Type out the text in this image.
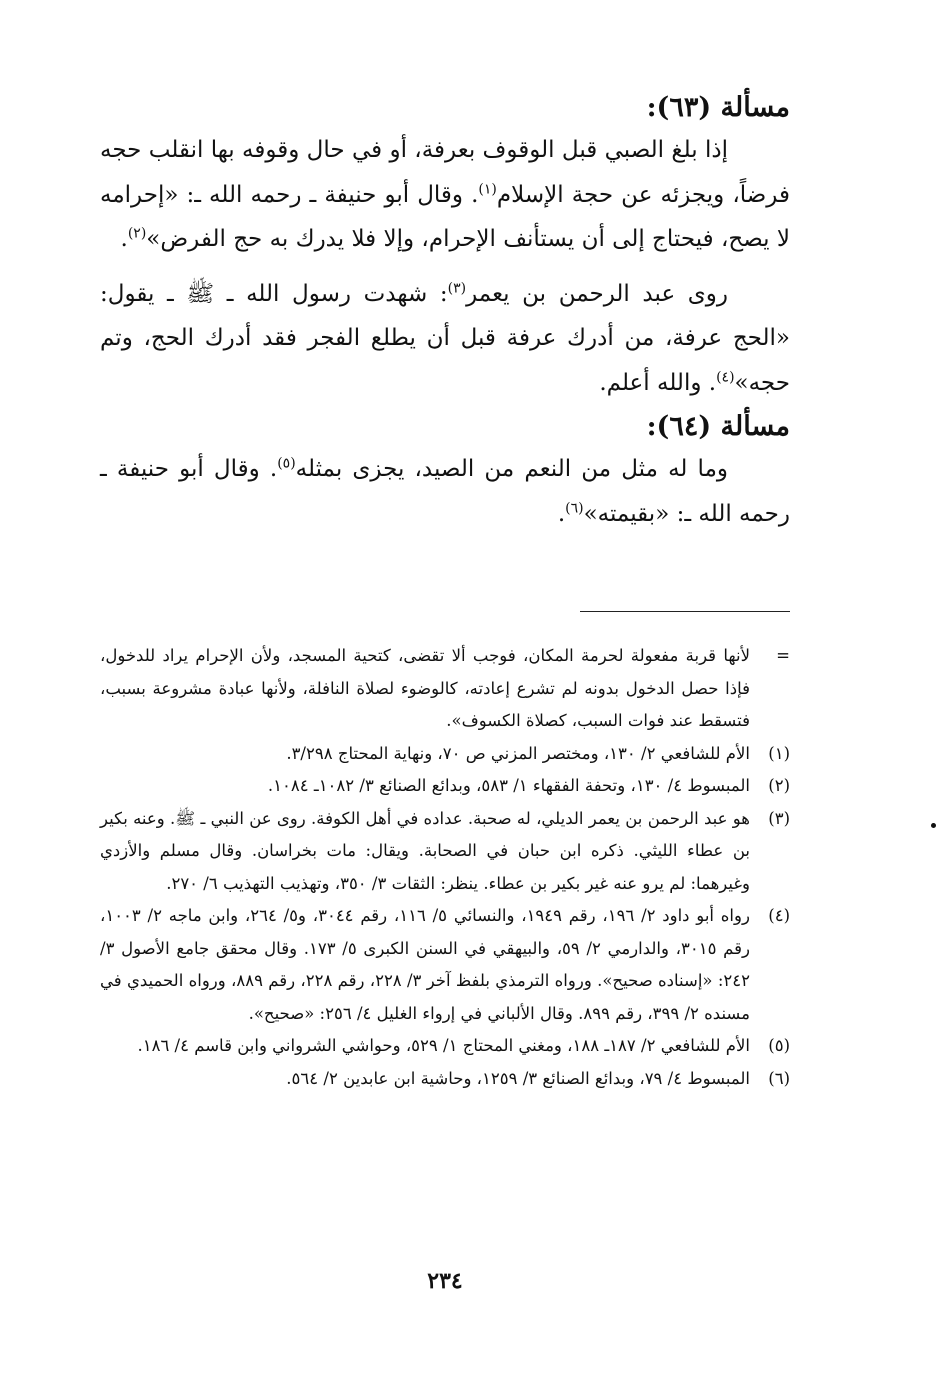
مسألة (٦٣):

إذا بلغ الصبي قبل الوقوف بعرفة، أو في حال وقوفه بها انقلب حجه فرضاً، ويجزئه عن حجة الإسلام$^{(١)}$. وقال أبو حنيفة ـ رحمه الله ـ: «إحرامه لا يصح، فيحتاج إلى أن يستأنف الإحرام، وإلا فلا يدرك به حج الفرض»$^{(٢)}$.

روى عبد الرحمن بن يعمر$^{(٣)}$: شهدت رسول الله ـ ﷺ ـ يقول: «الحج عرفة، من أدرك عرفة قبل أن يطلع الفجر فقد أدرك الحج، وتم حجه»$^{(٤)}$. والله أعلم.

مسألة (٦٤):

وما له مثل من النعم من الصيد، يجزى بمثله$^{(٥)}$. وقال أبو حنيفة ـ رحمه الله ـ: «بقيمته»$^{(٦)}$.

=
لأنها قربة مفعولة لحرمة المكان، فوجب ألا تقضى، كتحية المسجد، ولأن الإحرام يراد للدخول، فإذا حصل الدخول بدونه لم تشرع إعادته، كالوضوء لصلاة النافلة، ولأنها عبادة مشروعة بسبب، فتسقط عند فوات السبب، كصلاة الكسوف».
(١)
الأم للشافعي ٢/ ١٣٠، ومختصر المزني ص ٧٠، ونهاية المحتاج ٣/٢٩٨.
(٢)
المبسوط ٤/ ١٣٠، وتحفة الفقهاء ١/ ٥٨٣، وبدائع الصنائع ٣/ ١٠٨٢ـ ١٠٨٤.
(٣)
هو عبد الرحمن بن يعمر الديلي، له صحبة. عداده في أهل الكوفة. روى عن النبي ـ ﷺ. وعنه بكير بن عطاء الليثي. ذكره ابن حبان في الصحابة. ويقال: مات بخراسان. وقال مسلم والأزدي وغيرهما: لم يرو عنه غير بكير بن عطاء. ينظر: الثقات ٣/ ٣٥٠، وتهذيب التهذيب ٦/ ٢٧٠.
(٤)
رواه أبو داود ٢/ ١٩٦، رقم ١٩٤٩، والنسائي ٥/ ١١٦، رقم ٣٠٤٤، و٥/ ٢٦٤، وابن ماجه ٢/ ١٠٠٣، رقم ٣٠١٥، والدارمي ٢/ ٥٩، والبيهقي في السنن الكبرى ٥/ ١٧٣. وقال محقق جامع الأصول ٣/ ٢٤٢: «إسناده صحيح». ورواه الترمذي بلفظ آخر ٣/ ٢٢٨، رقم ٢٢٨، رقم ٨٨٩، ورواه الحميدي في مسنده ٢/ ٣٩٩، رقم ٨٩٩. وقال الألباني في إرواء الغليل ٤/ ٢٥٦: «صحيح».
(٥)
الأم للشافعي ٢/ ١٨٧ـ ١٨٨، ومغني المحتاج ١/ ٥٢٩، وحواشي الشرواني وابن قاسم ٤/ ١٨٦.
(٦)
المبسوط ٤/ ٧٩، وبدائع الصنائع ٣/ ١٢٥٩، وحاشية ابن عابدين ٢/ ٥٦٤.
٢٣٤
